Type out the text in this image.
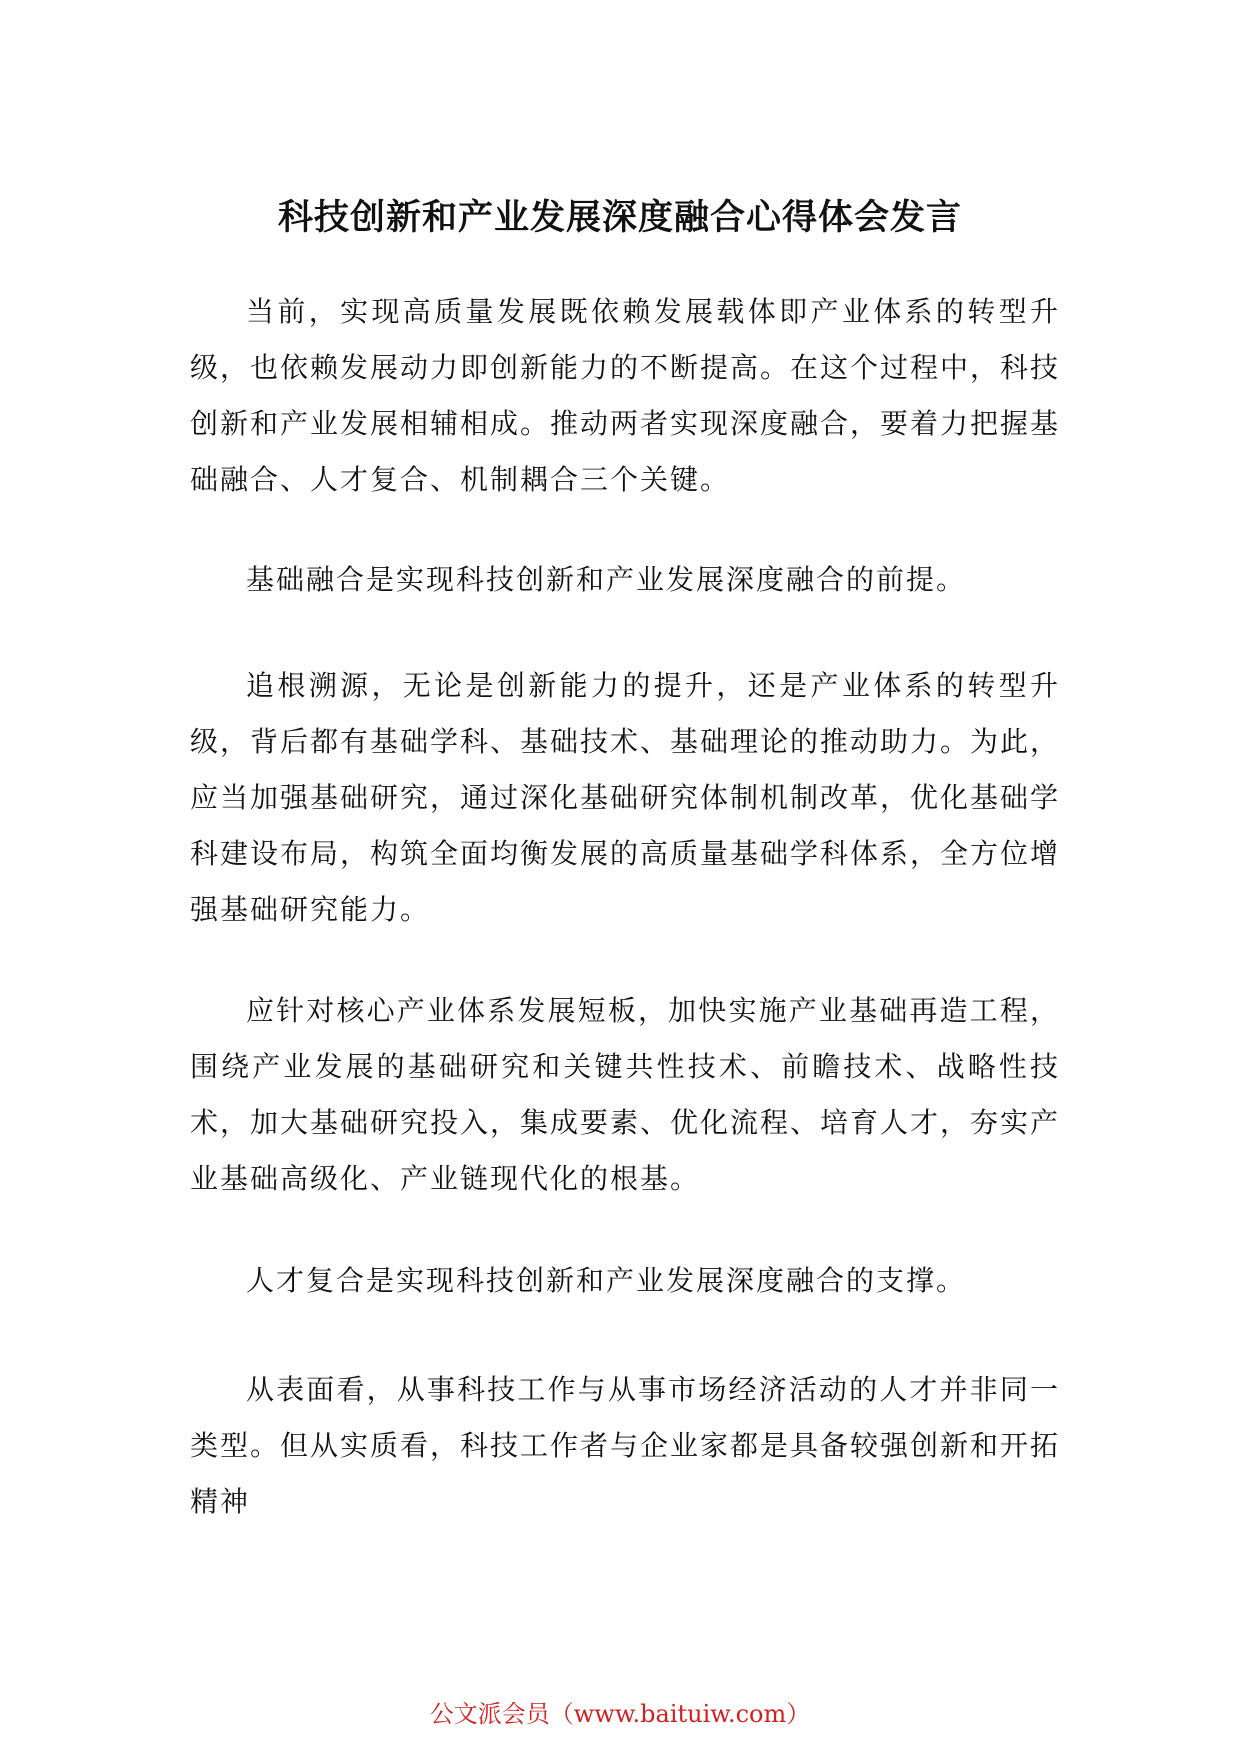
科技创新和产业发展深度融合心得体会发言

当前，实现高质量发展既依赖发展载体即产业体系的转型升级，也依赖发展动力即创新能力的不断提高。在这个过程中，科技创新和产业发展相辅相成。推动两者实现深度融合，要着力把握基础融合、人才复合、机制耦合三个关键。

基础融合是实现科技创新和产业发展深度融合的前提。

追根溯源，无论是创新能力的提升，还是产业体系的转型升级，背后都有基础学科、基础技术、基础理论的推动助力。为此，应当加强基础研究，通过深化基础研究体制机制改革，优化基础学科建设布局，构筑全面均衡发展的高质量基础学科体系，全方位增强基础研究能力。

应针对核心产业体系发展短板，加快实施产业基础再造工程，围绕产业发展的基础研究和关键共性技术、前瞻技术、战略性技术，加大基础研究投入，集成要素、优化流程、培育人才，夯实产业基础高级化、产业链现代化的根基。

人才复合是实现科技创新和产业发展深度融合的支撑。

从表面看，从事科技工作与从事市场经济活动的人才并非同一类型。但从实质看，科技工作者与企业家都是具备较强创新和开拓精神

公文派会员（www.baituiw.com）
